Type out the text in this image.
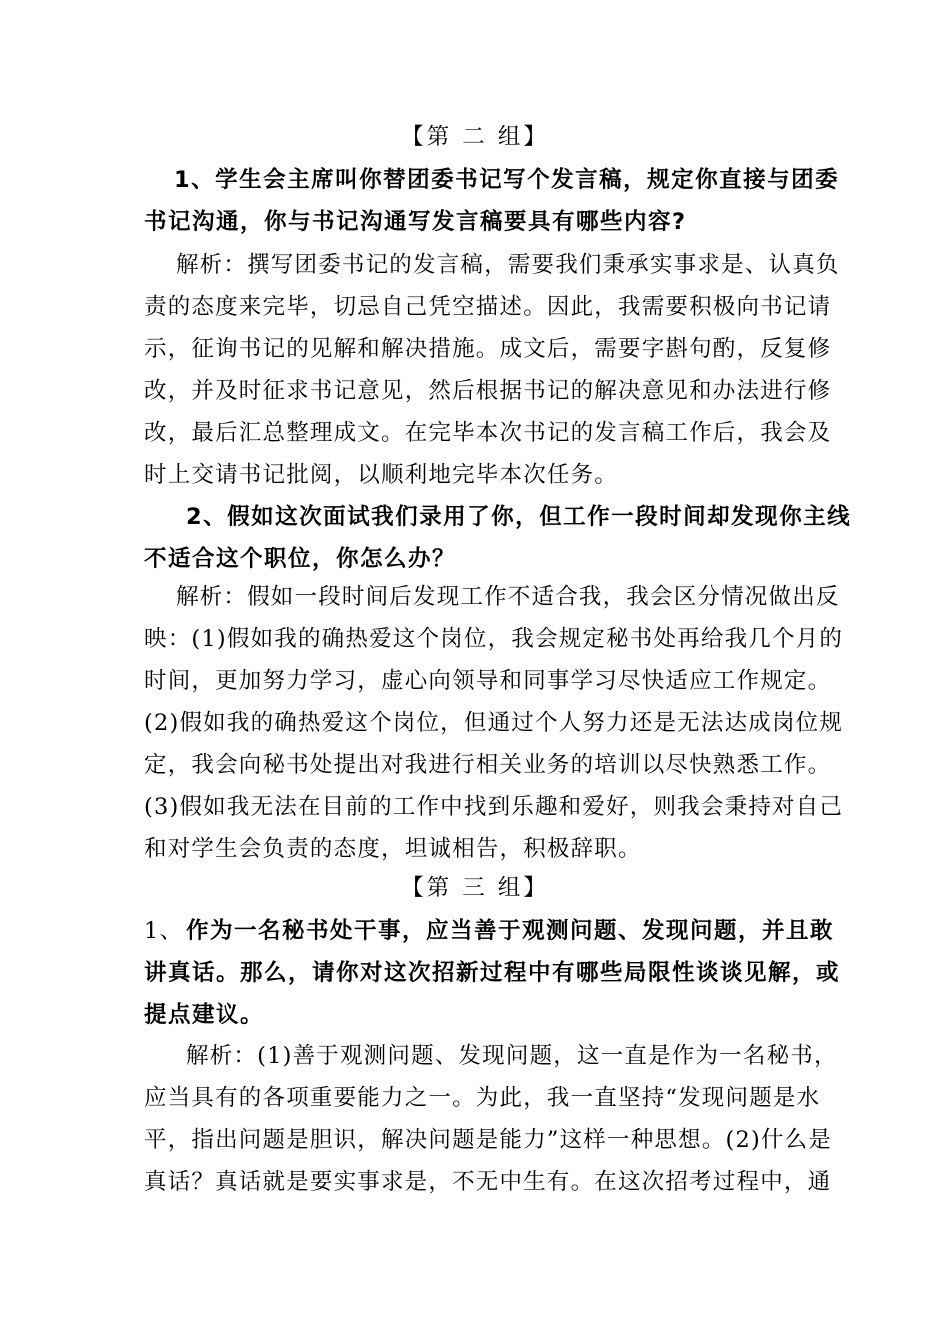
【第 二 组】
1、学生会主席叫你替团委书记写个发言稿，规定你直接与团委
书记沟通，你与书记沟通写发言稿要具有哪些内容?
解析：撰写团委书记的发言稿，需要我们秉承实事求是、认真负
责的态度来完毕，切忌自己凭空描述。因此，我需要积极向书记请
示，征询书记的见解和解决措施。成文后，需要字斟句酌，反复修
改，并及时征求书记意见，然后根据书记的解决意见和办法进行修
改，最后汇总整理成文。在完毕本次书记的发言稿工作后，我会及
时上交请书记批阅，以顺利地完毕本次任务。
2、假如这次面试我们录用了你，但工作一段时间却发现你主线
不适合这个职位，你怎么办？
解析：假如一段时间后发现工作不适合我，我会区分情况做出反
映：(1)假如我的确热爱这个岗位，我会规定秘书处再给我几个月的
时间，更加努力学习，虚心向领导和同事学习尽快适应工作规定。
(2)假如我的确热爱这个岗位，但通过个人努力还是无法达成岗位规
定，我会向秘书处提出对我进行相关业务的培训以尽快熟悉工作。
(3)假如我无法在目前的工作中找到乐趣和爱好，则我会秉持对自己
和对学生会负责的态度，坦诚相告，积极辞职。
【第 三 组】
1、 作为一名秘书处干事，应当善于观测问题、发现问题，并且敢
讲真话。那么，请你对这次招新过程中有哪些局限性谈谈见解，或
提点建议。
解析：(1)善于观测问题、发现问题，这一直是作为一名秘书，
应当具有的各项重要能力之一。为此，我一直坚持“发现问题是水
平，指出问题是胆识，解决问题是能力”这样一种思想。(2)什么是
真话？真话就是要实事求是，不无中生有。在这次招考过程中，通
